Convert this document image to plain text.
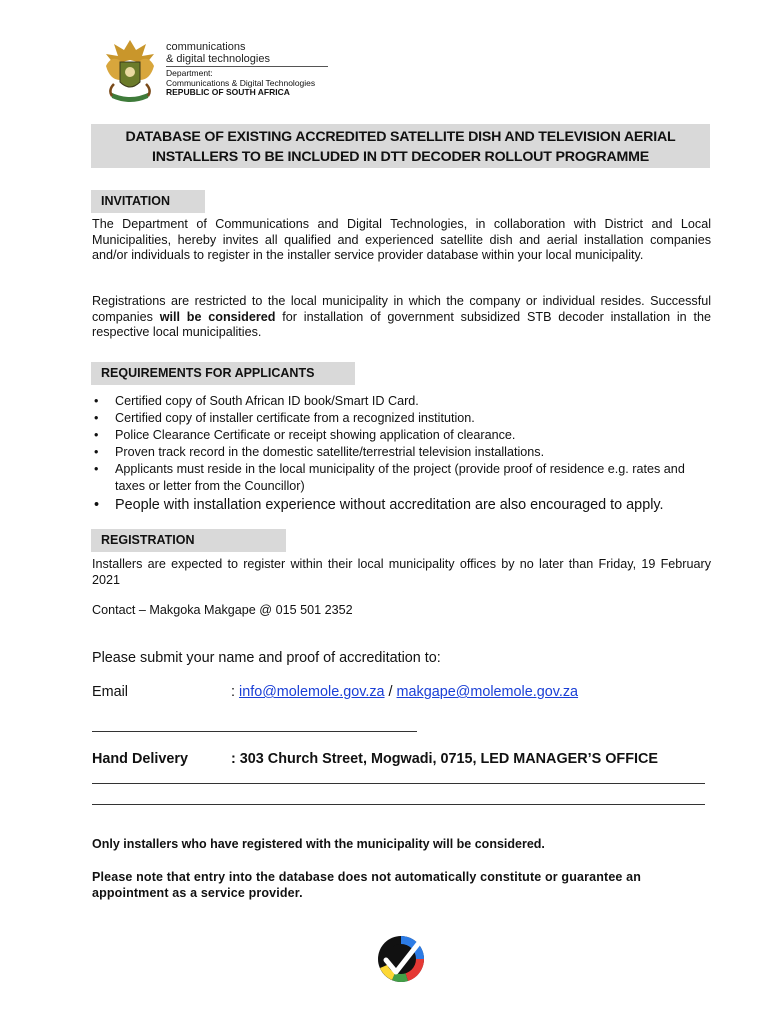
communications
& digital technologies
Department:
Communications & Digital Technologies
REPUBLIC OF SOUTH AFRICA
DATABASE OF EXISTING ACCREDITED SATELLITE DISH AND TELEVISION AERIAL
INSTALLERS TO BE INCLUDED IN DTT DECODER ROLLOUT PROGRAMME
INVITATION
The Department of Communications and Digital Technologies, in collaboration with District and Local Municipalities, hereby invites all qualified and experienced satellite dish and aerial installation companies and/or individuals to register in the installer service provider database within your local municipality.
Registrations are restricted to the local municipality in which the company or individual resides. Successful companies will be considered for installation of government subsidized STB decoder installation in the respective local municipalities.
REQUIREMENTS FOR APPLICANTS
• Certified copy of South African ID book/Smart ID Card.
• Certified copy of installer certificate from a recognized institution.
• Police Clearance Certificate or receipt showing application of clearance.
• Proven track record in the domestic satellite/terrestrial television installations.
• Applicants must reside in the local municipality of the project (provide proof of residence e.g. rates and taxes or letter from the Councillor)
• People with installation experience without accreditation are also encouraged to apply.
REGISTRATION
Installers are expected to register within their local municipality offices by no later than Friday, 19 February 2021
Contact – Makgoka Makgape @ 015 501 2352
Please submit your name and proof of accreditation to:
Email	: info@molemole.gov.za / makgape@molemole.gov.za
Hand Delivery	: 303 Church Street, Mogwadi, 0715, LED MANAGER’S OFFICE
Only installers who have registered with the municipality will be considered.
Please note that entry into the database does not automatically constitute or guarantee an appointment as a service provider.
